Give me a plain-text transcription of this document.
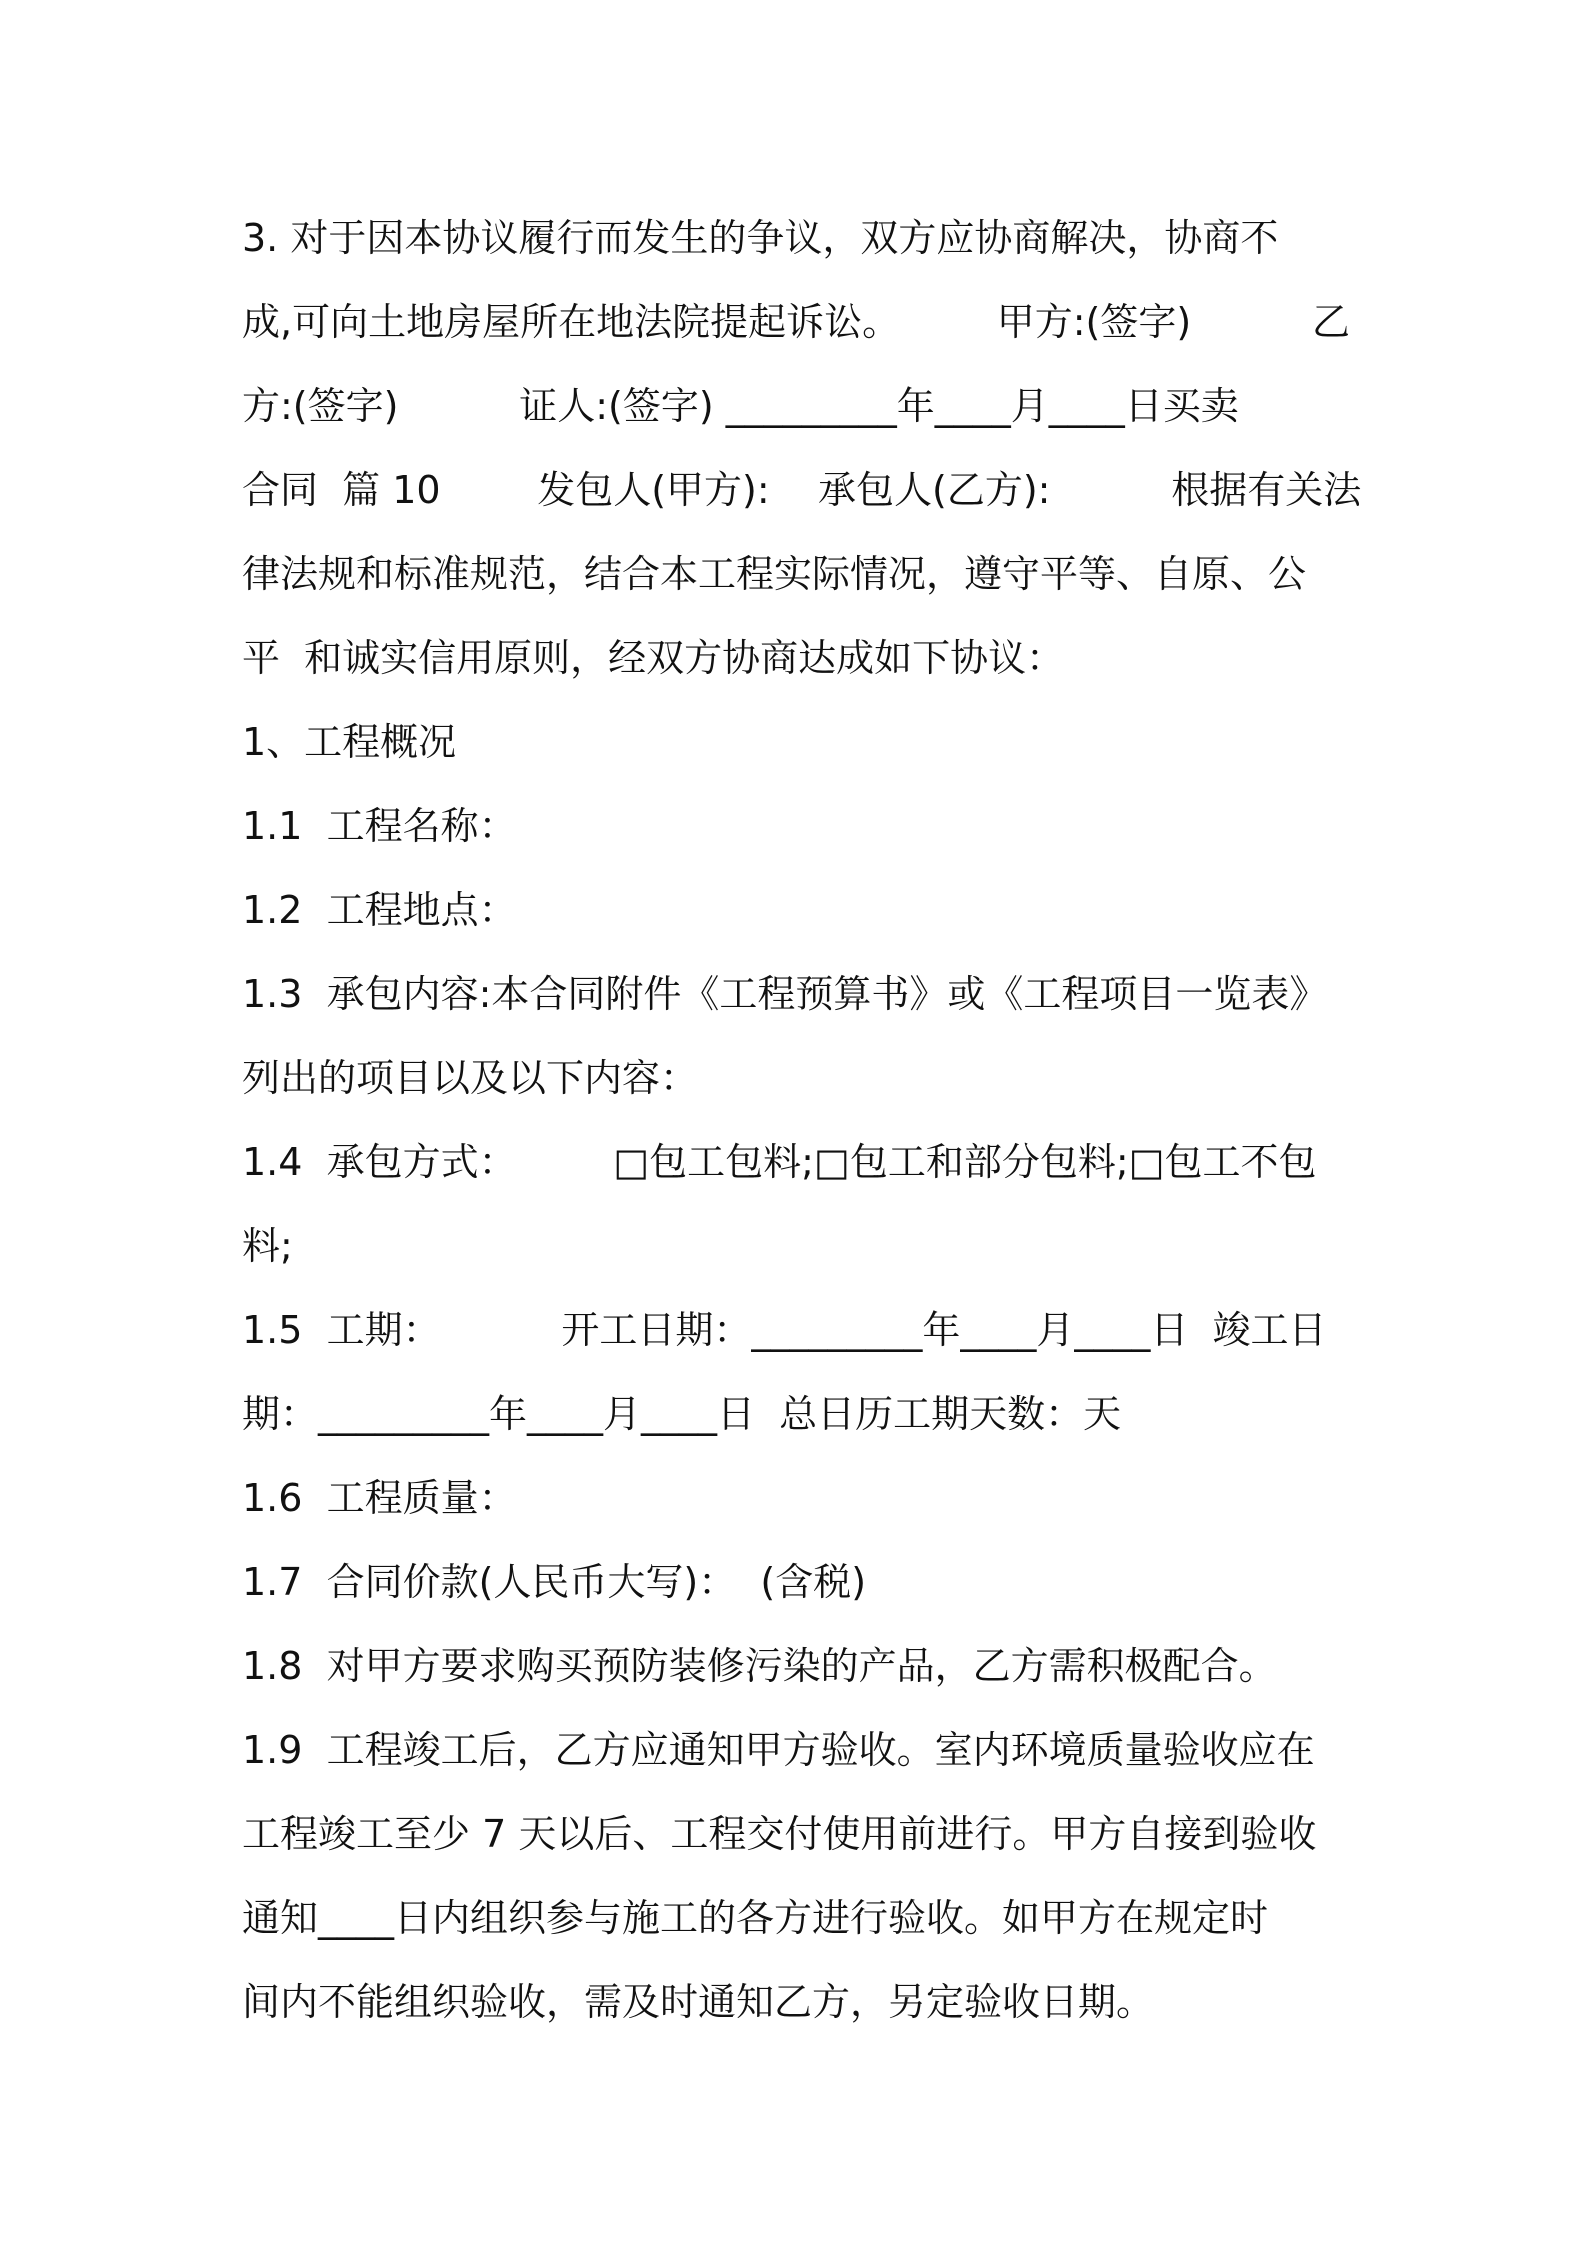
3. 对于因本协议履行而发生的争议，双方应协商解决，协商不
成,可向土地房屋所在地法院提起诉讼。        甲方:(签字)          乙
方:(签字)          证人:(签字) _________年____月____日买卖
合同  篇 10        发包人(甲方):    承包人(乙方):          根据有关法
律法规和标准规范，结合本工程实际情况，遵守平等、自原、公
平  和诚实信用原则，经双方协商达成如下协议：
1、工程概况
1.1  工程名称：
1.2  工程地点：
1.3  承包内容:本合同附件《工程预算书》或《工程项目一览表》
列出的项目以及以下内容：
1.4  承包方式：        □包工包料;□包工和部分包料;□包工不包
料;
1.5  工期：          开工日期：_________年____月____日  竣工日
期：_________年____月____日  总日历工期天数：天
1.6  工程质量：
1.7  合同价款(人民币大写)：  (含税)
1.8  对甲方要求购买预防装修污染的产品，乙方需积极配合。
1.9  工程竣工后，乙方应通知甲方验收。室内环境质量验收应在
工程竣工至少 7 天以后、工程交付使用前进行。甲方自接到验收
通知____日内组织参与施工的各方进行验收。如甲方在规定时
间内不能组织验收，需及时通知乙方，另定验收日期。
